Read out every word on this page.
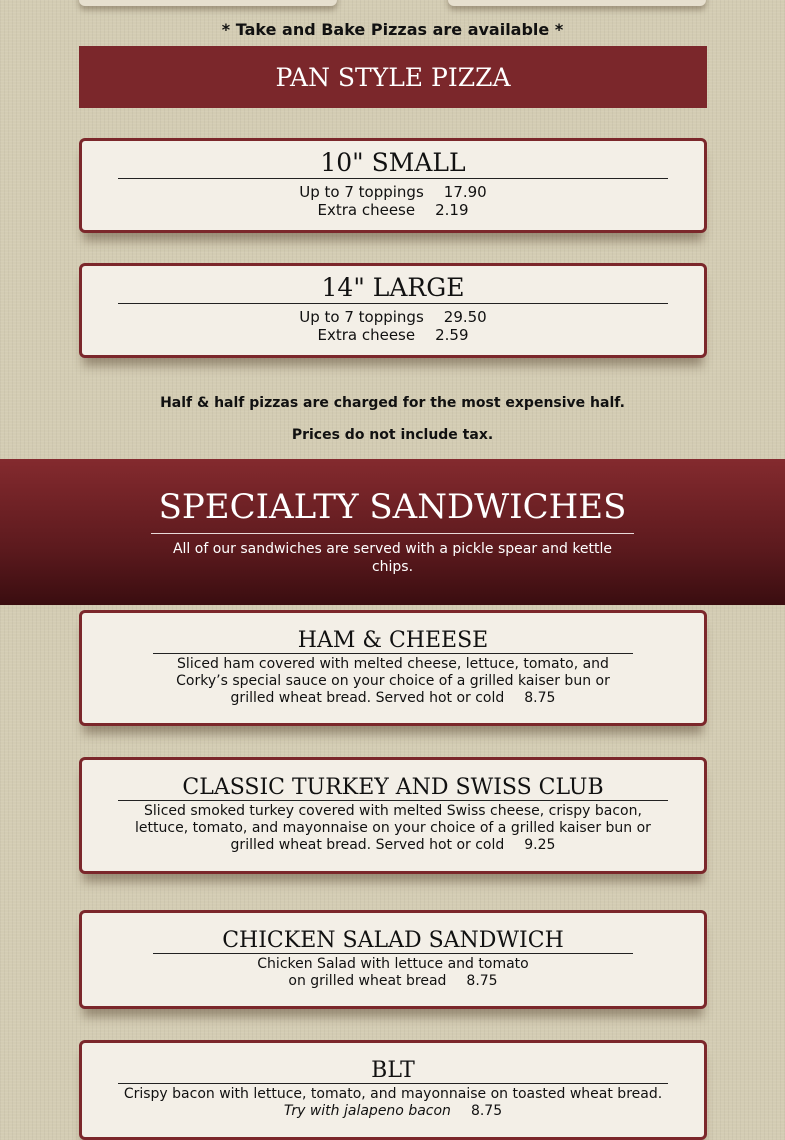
* Take and Bake Pizzas are available *
PAN STYLE PIZZA
10" SMALL
Up to 7 toppings 17.90
Extra cheese 2.19
14" LARGE
Up to 7 toppings 29.50
Extra cheese 2.59
Half & half pizzas are charged for the most expensive half.
Prices do not include tax.
SPECIALTY SANDWICHES
All of our sandwiches are served with a pickle spear and kettle chips.
HAM & CHEESE
Sliced ham covered with melted cheese, lettuce, tomato, and Corky’s special sauce on your choice of a grilled kaiser bun or grilled wheat bread. Served hot or cold 8.75
CLASSIC TURKEY AND SWISS CLUB
Sliced smoked turkey covered with melted Swiss cheese, crispy bacon, lettuce, tomato, and mayonnaise on your choice of a grilled kaiser bun or grilled wheat bread. Served hot or cold 9.25
CHICKEN SALAD SANDWICH
Chicken Salad with lettuce and tomato
on grilled wheat bread 8.75
BLT
Crispy bacon with lettuce, tomato, and mayonnaise on toasted wheat bread. Try with jalapeno bacon 8.75
